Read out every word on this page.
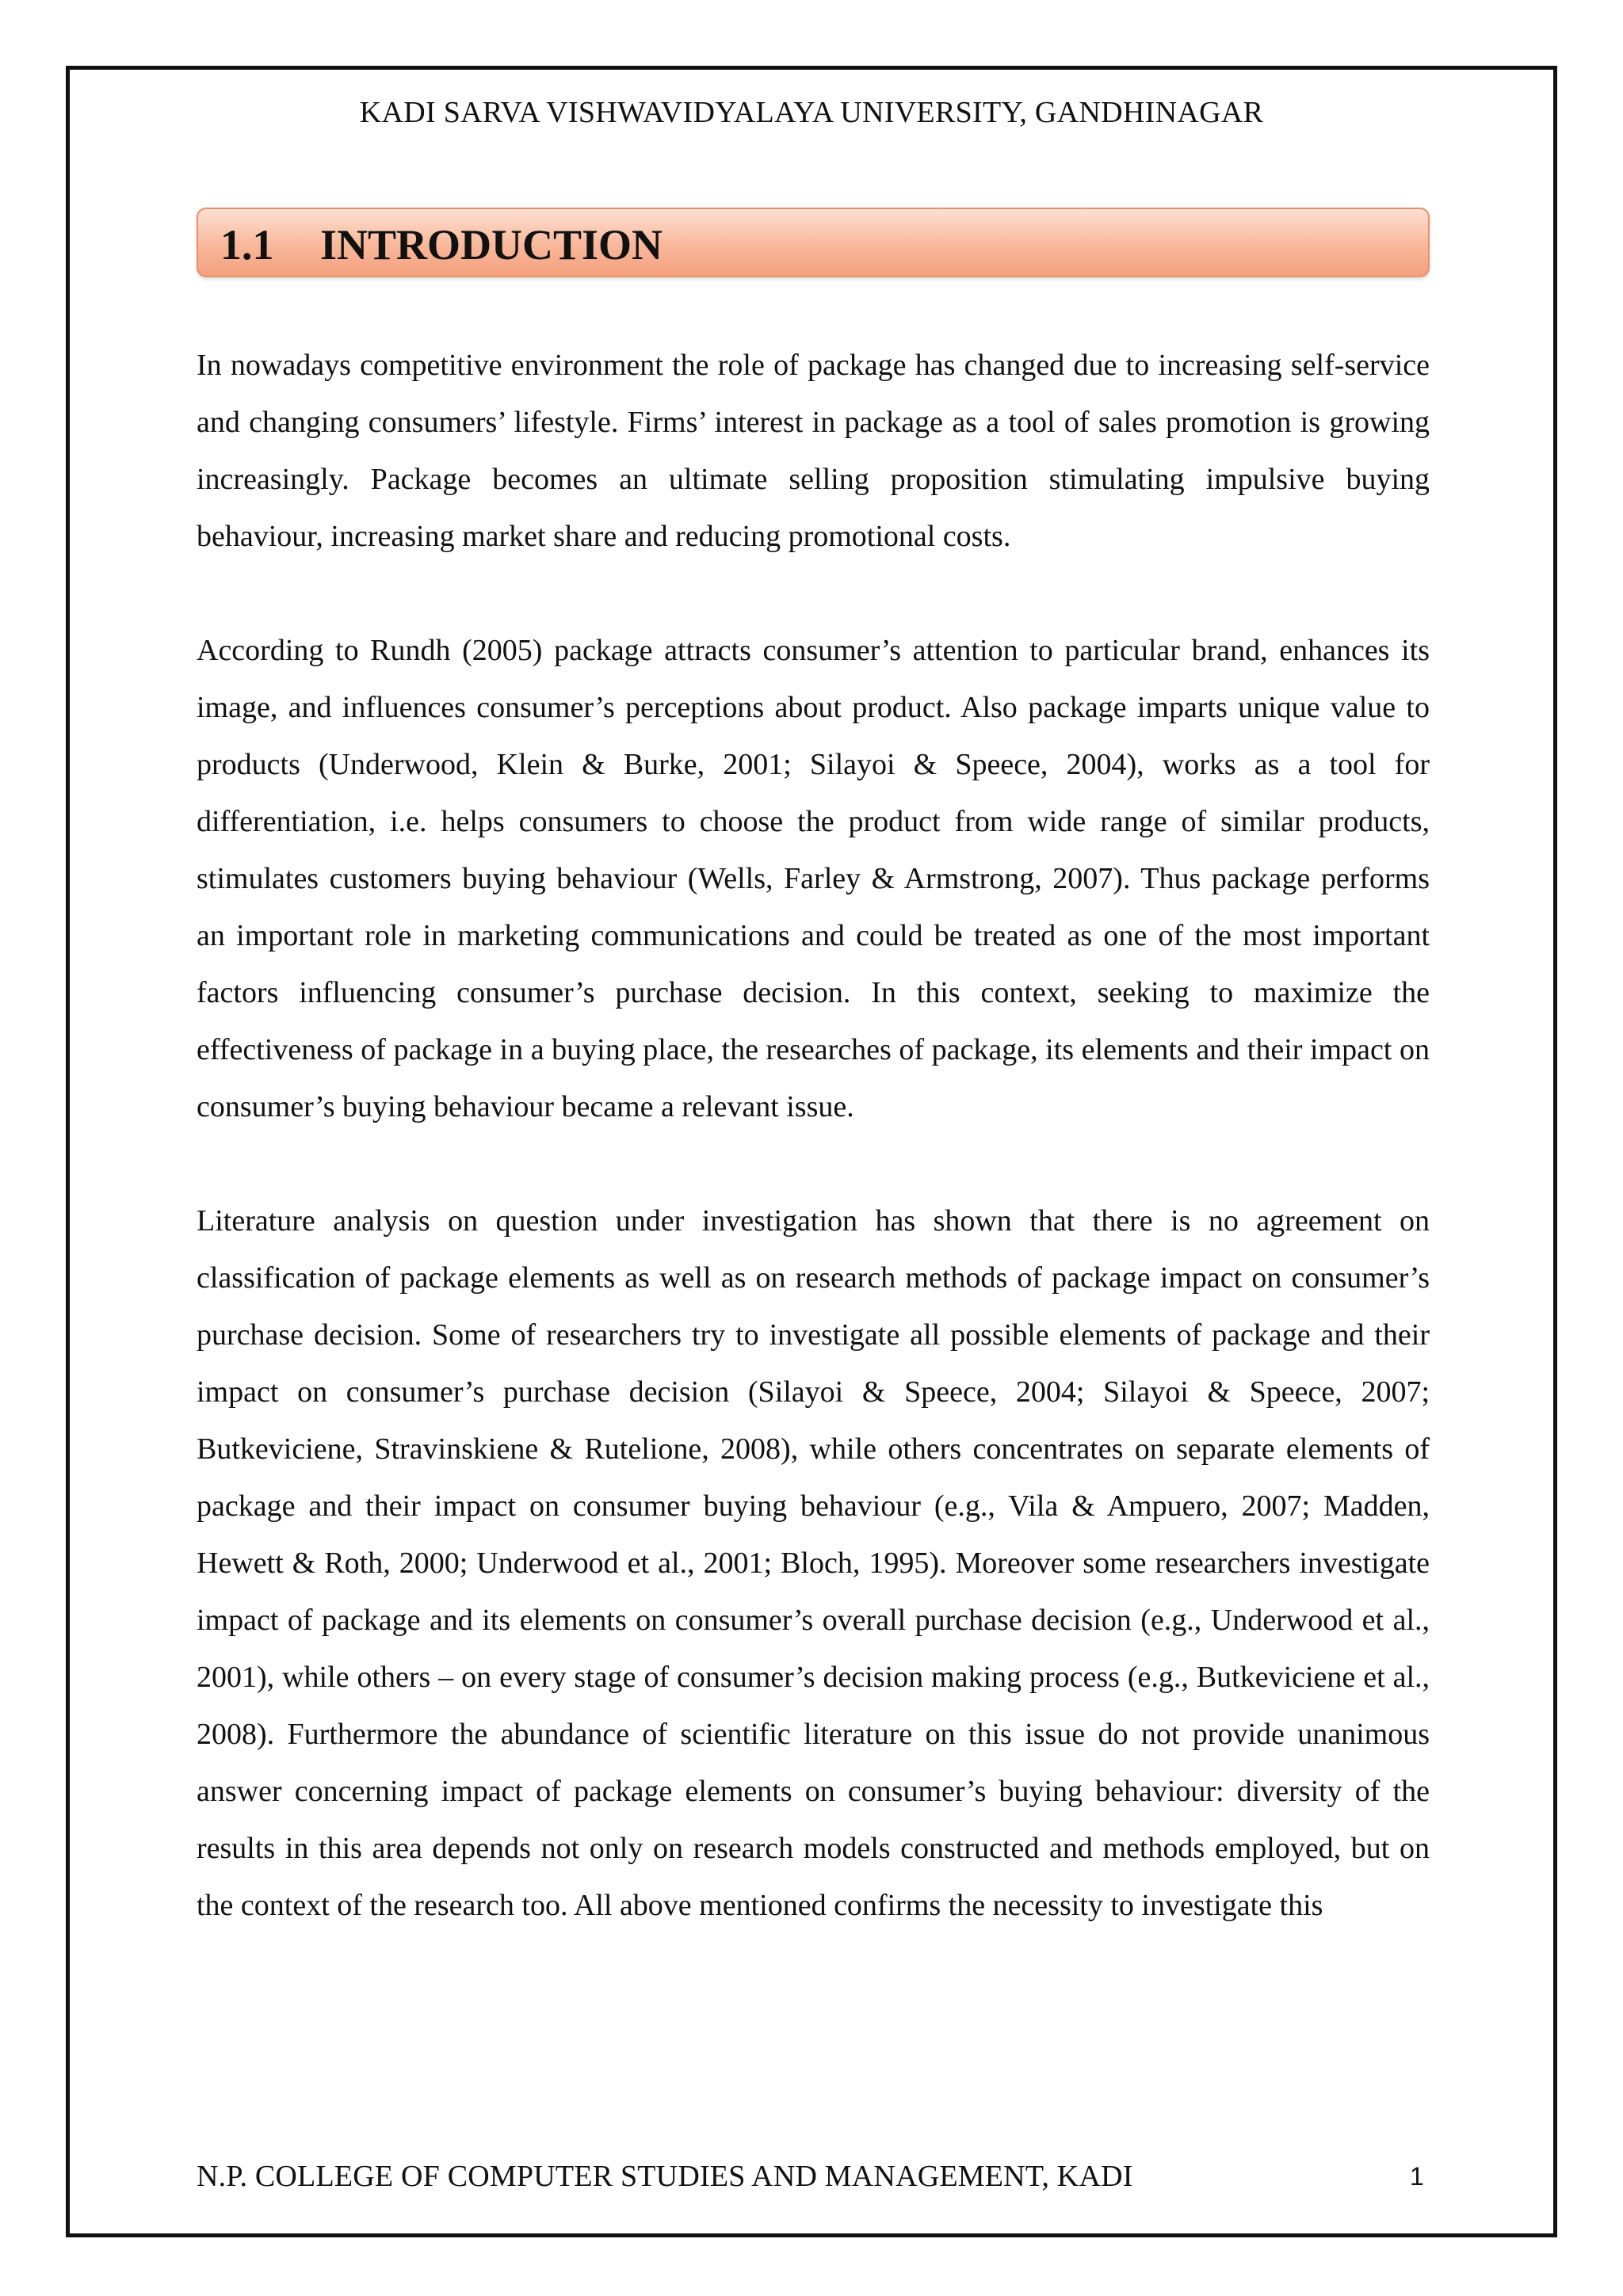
KADI SARVA VISHWAVIDYALAYA UNIVERSITY, GANDHINAGAR
1.1 INTRODUCTION

In nowadays competitive environment the role of package has changed due to increasing self-service and changing consumers’ lifestyle. Firms’ interest in package as a tool of sales promotion is growing increasingly. Package becomes an ultimate selling proposition stimulating impulsive buying behaviour, increasing market share and reducing promotional costs.

According to Rundh (2005) package attracts consumer’s attention to particular brand, enhances its image, and influences consumer’s perceptions about product. Also package imparts unique value to products (Underwood, Klein & Burke, 2001; Silayoi & Speece, 2004), works as a tool for differentiation, i.e. helps consumers to choose the product from wide range of similar products, stimulates customers buying behaviour (Wells, Farley & Armstrong, 2007). Thus package performs an important role in marketing communications and could be treated as one of the most important factors influencing consumer’s purchase decision. In this context, seeking to maximize the effectiveness of package in a buying place, the researches of package, its elements and their impact on consumer’s buying behaviour became a relevant issue.

Literature analysis on question under investigation has shown that there is no agreement on classification of package elements as well as on research methods of package impact on consumer’s purchase decision. Some of researchers try to investigate all possible elements of package and their impact on consumer’s purchase decision (Silayoi & Speece, 2004; Silayoi & Speece, 2007; Butkeviciene, Stravinskiene & Rutelione, 2008), while others concentrates on separate elements of package and their impact on consumer buying behaviour (e.g., Vila & Ampuero, 2007; Madden, Hewett & Roth, 2000; Underwood et al., 2001; Bloch, 1995). Moreover some researchers investigate impact of package and its elements on consumer’s overall purchase decision (e.g., Underwood et al., 2001), while others – on every stage of consumer’s decision making process (e.g., Butkeviciene et al., 2008). Furthermore the abundance of scientific literature on this issue do not provide unanimous answer concerning impact of package elements on consumer’s buying behaviour: diversity of the results in this area depends not only on research models constructed and methods employed, but on the context of the research too. All above mentioned confirms the necessity to investigate this

N.P. COLLEGE OF COMPUTER STUDIES AND MANAGEMENT, KADI	1
